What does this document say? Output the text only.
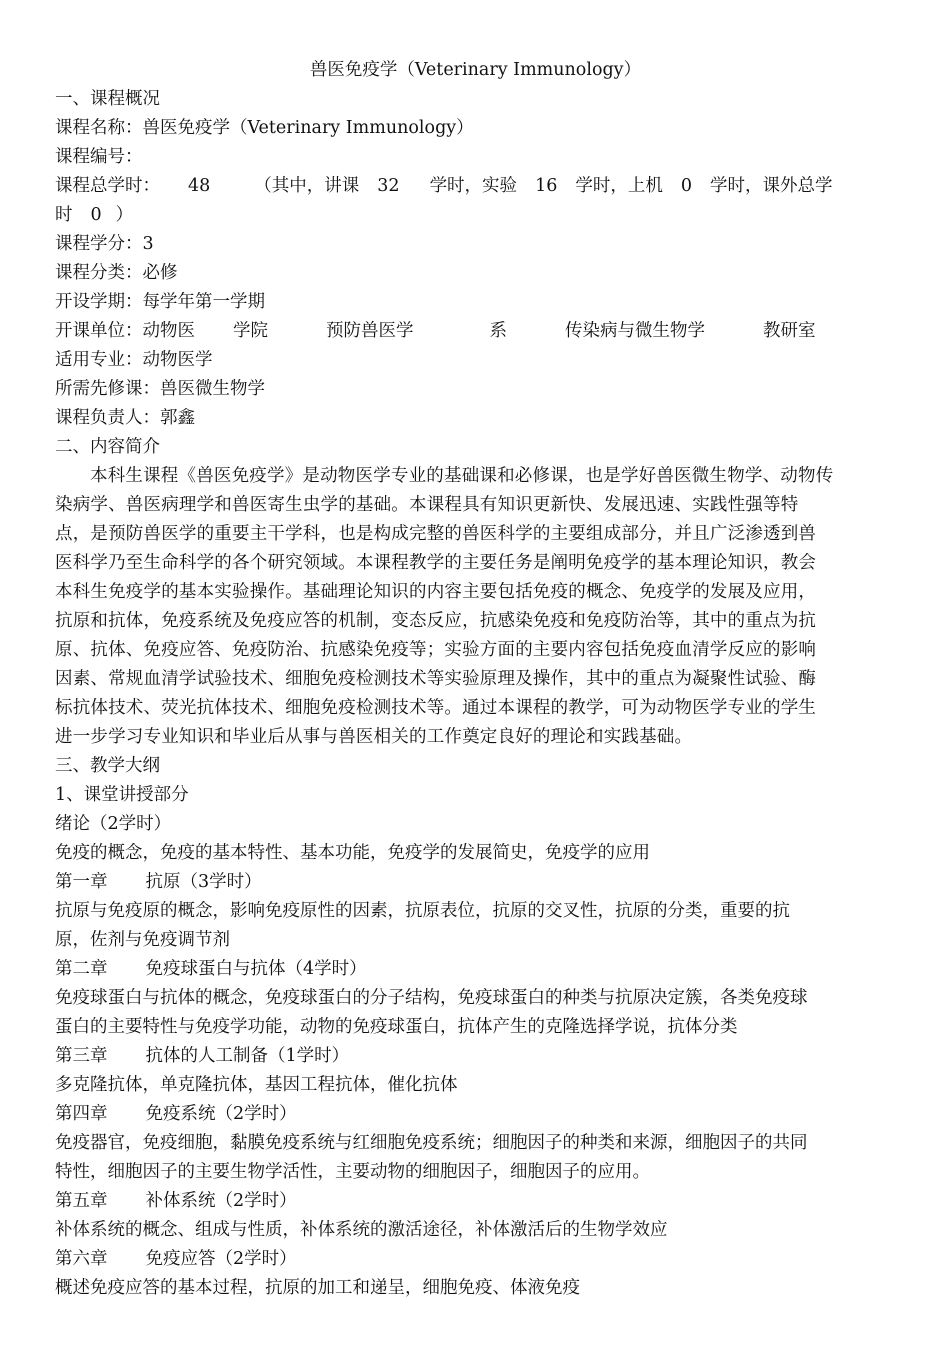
兽医免疫学（Veterinary Immunology）
一、课程概况
课程名称：兽医免疫学（Veterinary Immunology）
课程编号：
课程总学时： 48	（其中，讲课 32 学时，实验 16 学时，上机 0 学时，课外总学
时 0 ）
课程学分：3
课程分类：必修
开设学期：每学年第一学期
开课单位：动物医 学院	预防兽医学	系	传染病与微生物学	教研室
适用专业：动物医学
所需先修课：兽医微生物学
课程负责人：郭鑫
二、内容简介
本科生课程《兽医免疫学》是动物医学专业的基础课和必修课，也是学好兽医微生物学、动物传
染病学、兽医病理学和兽医寄生虫学的基础。本课程具有知识更新快、发展迅速、实践性强等特
点，是预防兽医学的重要主干学科，也是构成完整的兽医科学的主要组成部分，并且广泛渗透到兽
医科学乃至生命科学的各个研究领域。本课程教学的主要任务是阐明免疫学的基本理论知识，教会
本科生免疫学的基本实验操作。基础理论知识的内容主要包括免疫的概念、免疫学的发展及应用，
抗原和抗体，免疫系统及免疫应答的机制，变态反应，抗感染免疫和免疫防治等，其中的重点为抗
原、抗体、免疫应答、免疫防治、抗感染免疫等；实验方面的主要内容包括免疫血清学反应的影响
因素、常规血清学试验技术、细胞免疫检测技术等实验原理及操作，其中的重点为凝聚性试验、酶
标抗体技术、荧光抗体技术、细胞免疫检测技术等。通过本课程的教学，可为动物医学专业的学生
进一步学习专业知识和毕业后从事与兽医相关的工作奠定良好的理论和实践基础。
三、教学大纲
1、课堂讲授部分
绪论（2学时）
免疫的概念，免疫的基本特性、基本功能，免疫学的发展简史，免疫学的应用
第一章 抗原（3学时）
抗原与免疫原的概念，影响免疫原性的因素，抗原表位，抗原的交叉性，抗原的分类，重要的抗
原，佐剂与免疫调节剂
第二章 免疫球蛋白与抗体（4学时）
免疫球蛋白与抗体的概念，免疫球蛋白的分子结构，免疫球蛋白的种类与抗原决定簇，各类免疫球
蛋白的主要特性与免疫学功能，动物的免疫球蛋白，抗体产生的克隆选择学说，抗体分类
第三章 抗体的人工制备（1学时）
多克隆抗体，单克隆抗体，基因工程抗体，催化抗体
第四章 免疫系统（2学时）
免疫器官，免疫细胞，黏膜免疫系统与红细胞免疫系统；细胞因子的种类和来源，细胞因子的共同
特性，细胞因子的主要生物学活性，主要动物的细胞因子，细胞因子的应用。
第五章 补体系统（2学时）
补体系统的概念、组成与性质，补体系统的激活途径，补体激活后的生物学效应
第六章 免疫应答（2学时）
概述免疫应答的基本过程，抗原的加工和递呈，细胞免疫、体液免疫
